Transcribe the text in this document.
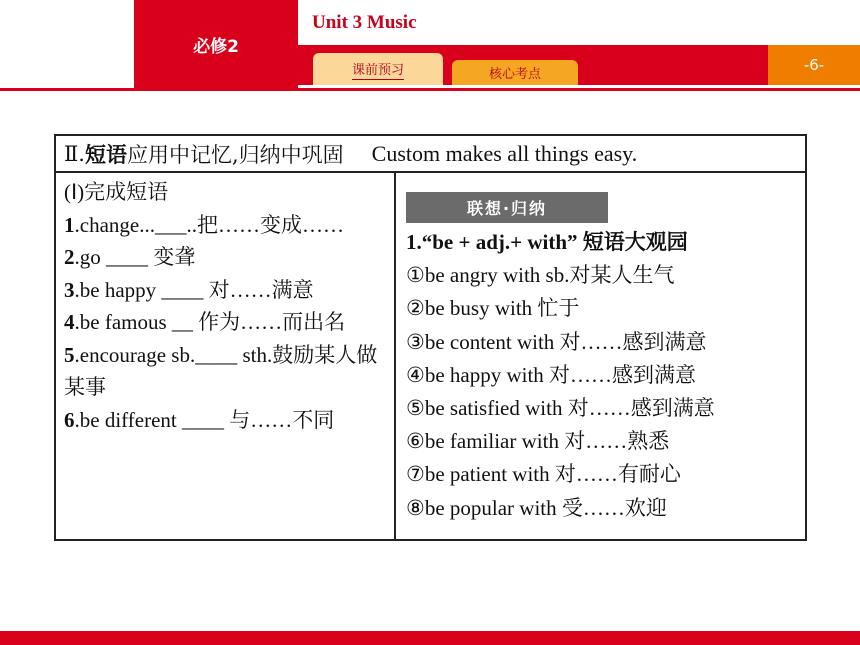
必修2
Unit 3 Music
课前预习	核心考点
-6-
Ⅱ. 短语 应用中记忆,归纳中巩固 Custom makes all things easy.
(Ⅰ)完成短语
1.change...___..把……变成……
2.go ____ 变聋
3.be happy ____ 对……满意
4.be famous __ 作为……而出名
5.encourage sb.____ sth.鼓励某人做某事
6.be different ____ 与……不同
联想·归纳
1.“be + adj.+ with” 短语大观园
①be angry with sb.对某人生气
②be busy with 忙于
③be content with 对……感到满意
④be happy with 对……感到满意
⑤be satisfied with 对……感到满意
⑥be familiar with 对……熟悉
⑦be patient with 对……有耐心
⑧be popular with 受……欢迎
